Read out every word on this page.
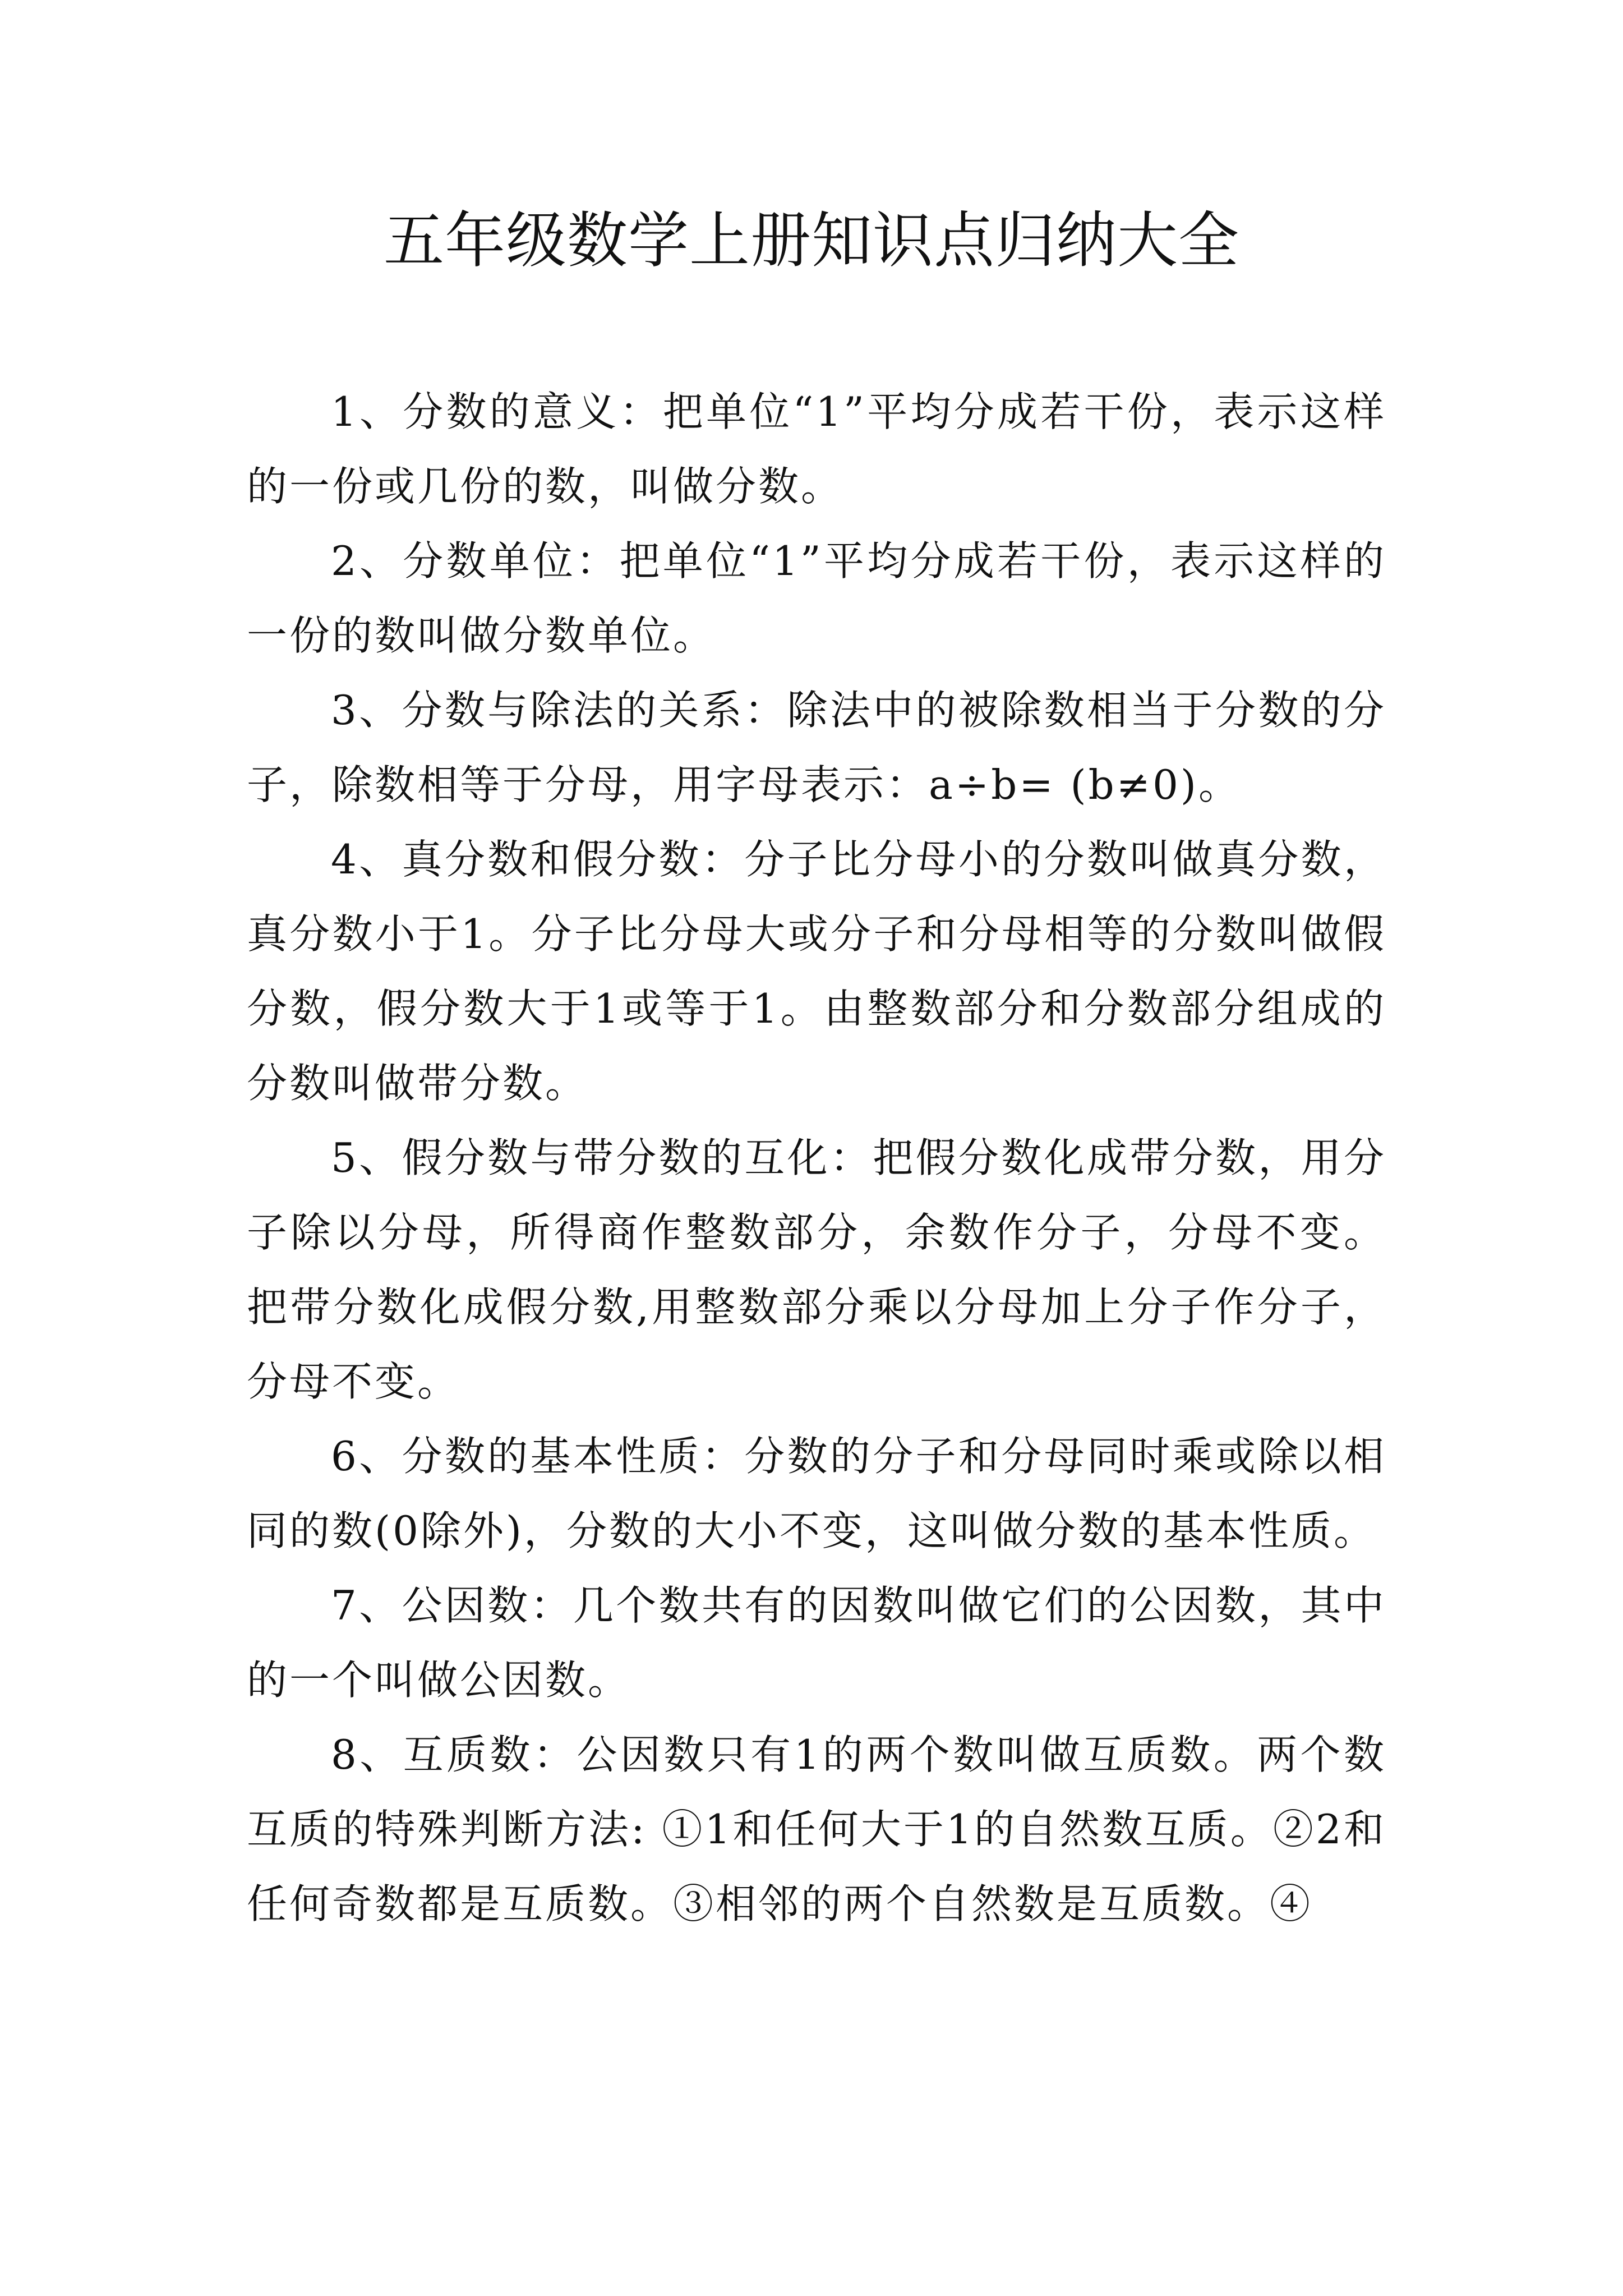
五年级数学上册知识点归纳大全

1、分数的意义：把单位“1”平均分成若干份，表示这样的一份或几份的数，叫做分数。

2、分数单位：把单位“1”平均分成若干份，表示这样的一份的数叫做分数单位。

3、分数与除法的关系：除法中的被除数相当于分数的分子，除数相等于分母，用字母表示：a÷b= (b≠0)。

4、真分数和假分数：分子比分母小的分数叫做真分数，真分数小于1。分子比分母大或分子和分母相等的分数叫做假分数，假分数大于1或等于1。由整数部分和分数部分组成的分数叫做带分数。

5、假分数与带分数的互化：把假分数化成带分数，用分子除以分母，所得商作整数部分，余数作分子，分母不变。把带分数化成假分数,用整数部分乘以分母加上分子作分子，分母不变。

6、分数的基本性质：分数的分子和分母同时乘或除以相同的数(0除外)，分数的大小不变，这叫做分数的基本性质。

7、公因数：几个数共有的因数叫做它们的公因数，其中的一个叫做公因数。

8、互质数：公因数只有1的两个数叫做互质数。两个数互质的特殊判断方法: ①1和任何大于1的自然数互质。②2和任何奇数都是互质数。③相邻的两个自然数是互质数。④
